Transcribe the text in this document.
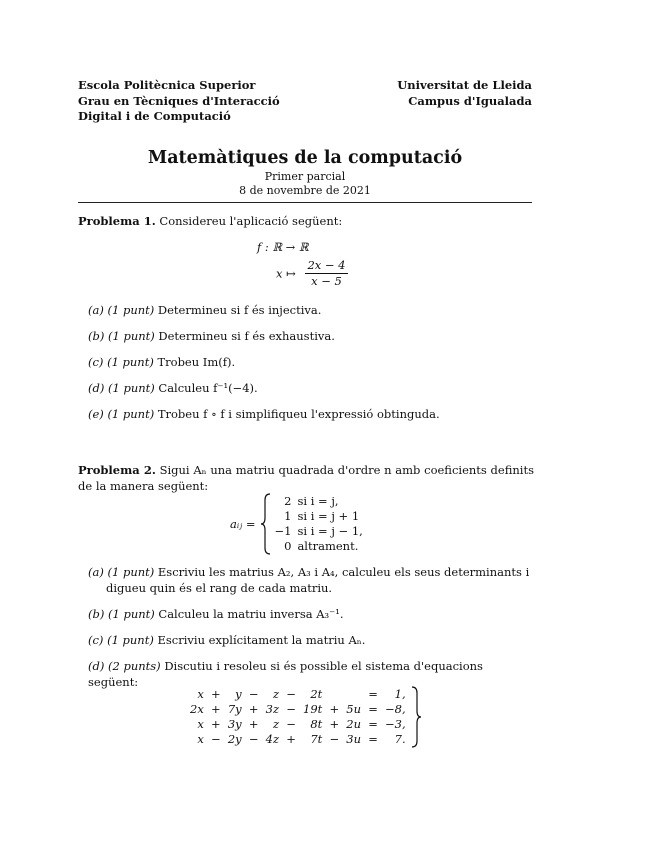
Escola Politècnica Superior
Grau en Tècniques d'Interacció
Digital i de Computació
Universitat de Lleida
Campus d'Igualada
Matemàtiques de la computació
Primer parcial
8 de novembre de 2021
Problema 1. Considereu l'aplicació següent:
f : ℝ → ℝ
x ↦ $\frac{2x - 4}{x - 5}$
(a) (1 punt) Determineu si f és injectiva.
(b) (1 punt) Determineu si f és exhaustiva.
(c) (1 punt) Trobeu Im(f).
(d) (1 punt) Calculeu f⁻¹(−4).
(e) (1 punt) Trobeu f ∘ f i simplifiqueu l'expressió obtinguda.
Problema 2. Sigui Aₙ una matriu quadrada d'ordre n amb coeficients definits de la manera següent:
aᵢⱼ =
2	si i = j,
1	si i = j + 1
−1	si i = j − 1,
0	altrament.
(a) (1 punt) Escriviu les matrius A₂, A₃ i A₄, calculeu els seus determinants i digueu quin és el rang de cada matriu.
(b) (1 punt) Calculeu la matriu inversa A₃⁻¹.
(c) (1 punt) Escriviu explícitament la matriu Aₙ.
(d) (2 punts) Discutiu i resoleu si és possible el sistema d'equacions següent:
x	+	y	−	z	−	2t			=	1,
2x	+	7y	+	3z	−	19t	+	5u	=	−8,
x	+	3y	+	z	−	8t	+	2u	=	−3,
x	−	2y	−	4z	+	7t	−	3u	=	7.
